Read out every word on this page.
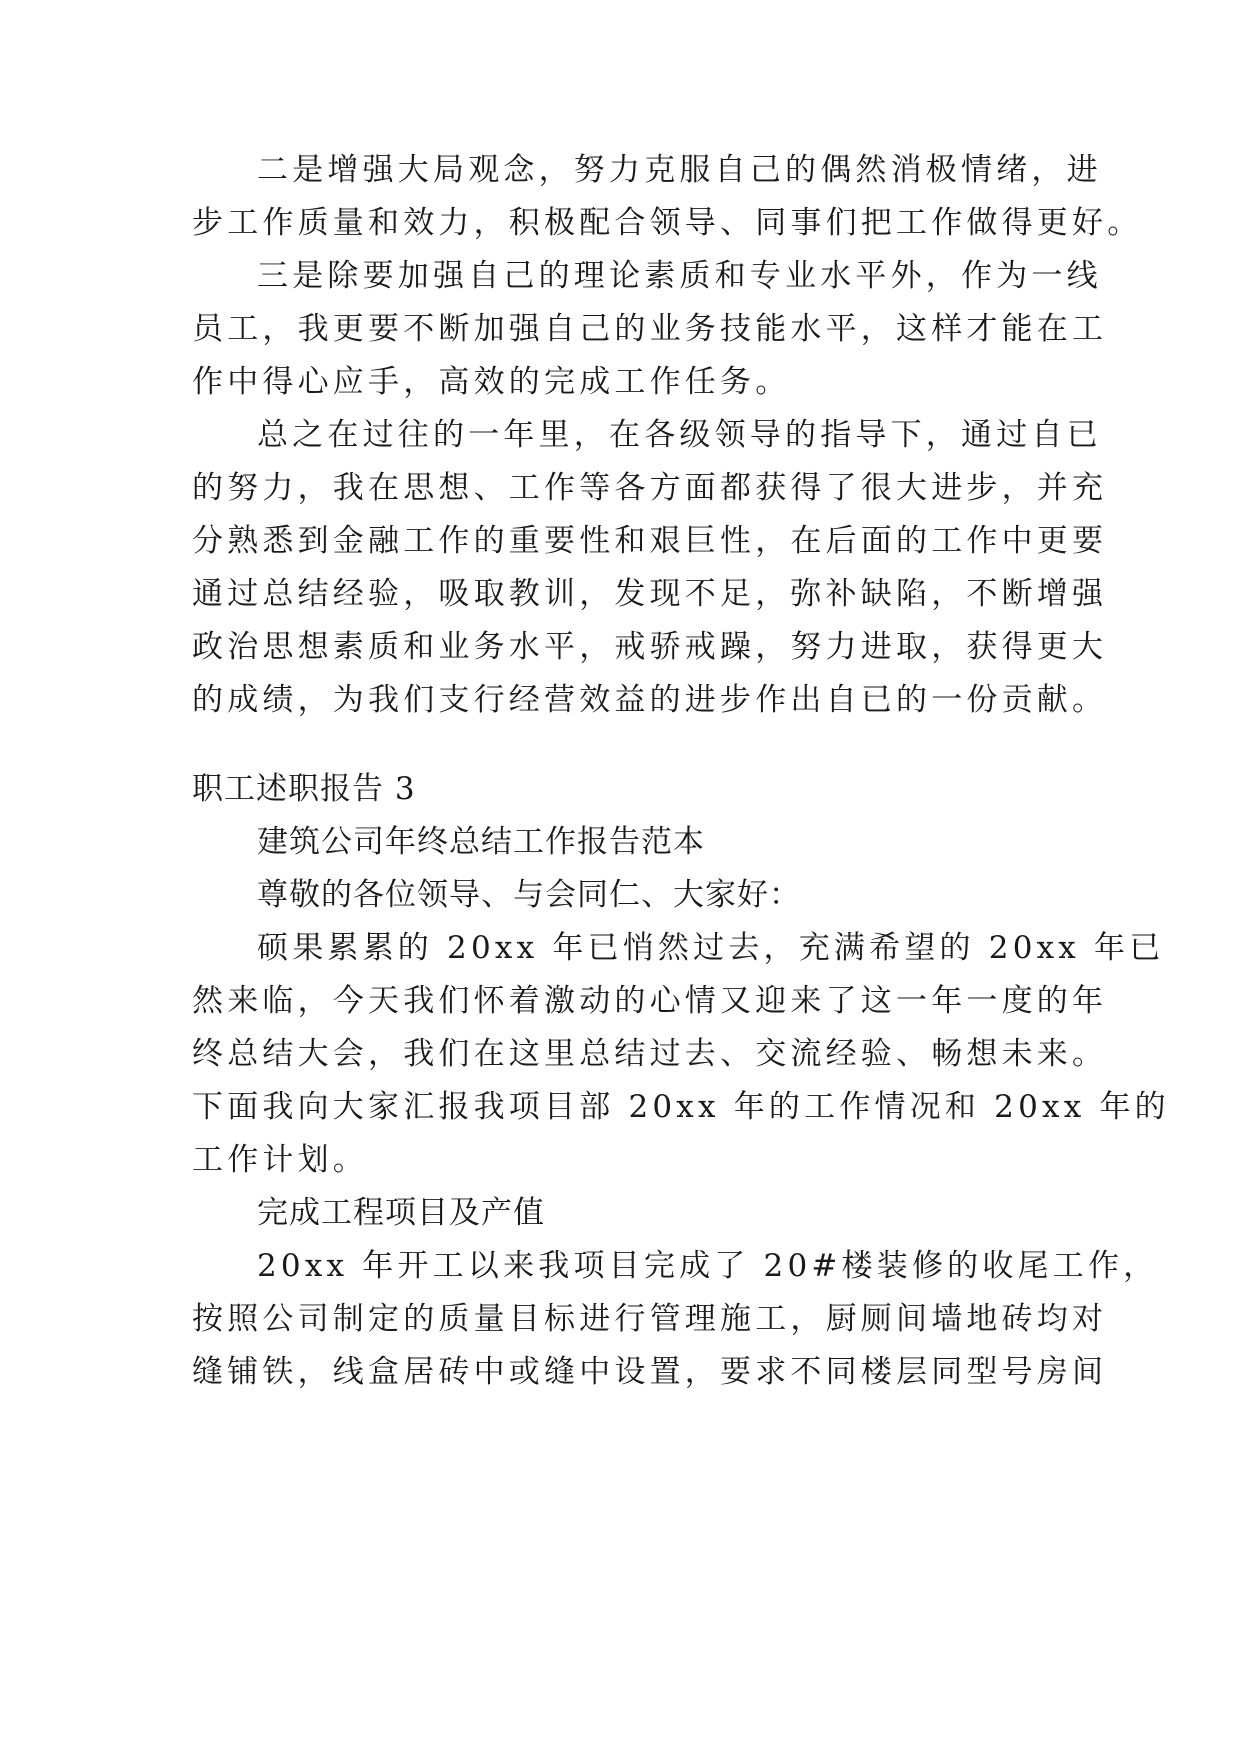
二是增强大局观念，努力克服自己的偶然消极情绪，进
步工作质量和效力，积极配合领导、同事们把工作做得更好。
三是除要加强自己的理论素质和专业水平外，作为一线
员工，我更要不断加强自己的业务技能水平，这样才能在工
作中得心应手，高效的完成工作任务。
总之在过往的一年里，在各级领导的指导下，通过自已
的努力，我在思想、工作等各方面都获得了很大进步，并充
分熟悉到金融工作的重要性和艰巨性，在后面的工作中更要
通过总结经验，吸取教训，发现不足，弥补缺陷，不断增强
政治思想素质和业务水平，戒骄戒躁，努力进取，获得更大
的成绩，为我们支行经营效益的进步作出自已的一份贡献。
职工述职报告 3
建筑公司年终总结工作报告范本
尊敬的各位领导、与会同仁、大家好：
硕果累累的 20xx 年已悄然过去，充满希望的 20xx 年已
然来临，今天我们怀着激动的心情又迎来了这一年一度的年
终总结大会，我们在这里总结过去、交流经验、畅想未来。
下面我向大家汇报我项目部 20xx 年的工作情况和 20xx 年的
工作计划。
完成工程项目及产值
20xx 年开工以来我项目完成了 20#楼装修的收尾工作，
按照公司制定的质量目标进行管理施工，厨厕间墙地砖均对
缝铺铁，线盒居砖中或缝中设置，要求不同楼层同型号房间
